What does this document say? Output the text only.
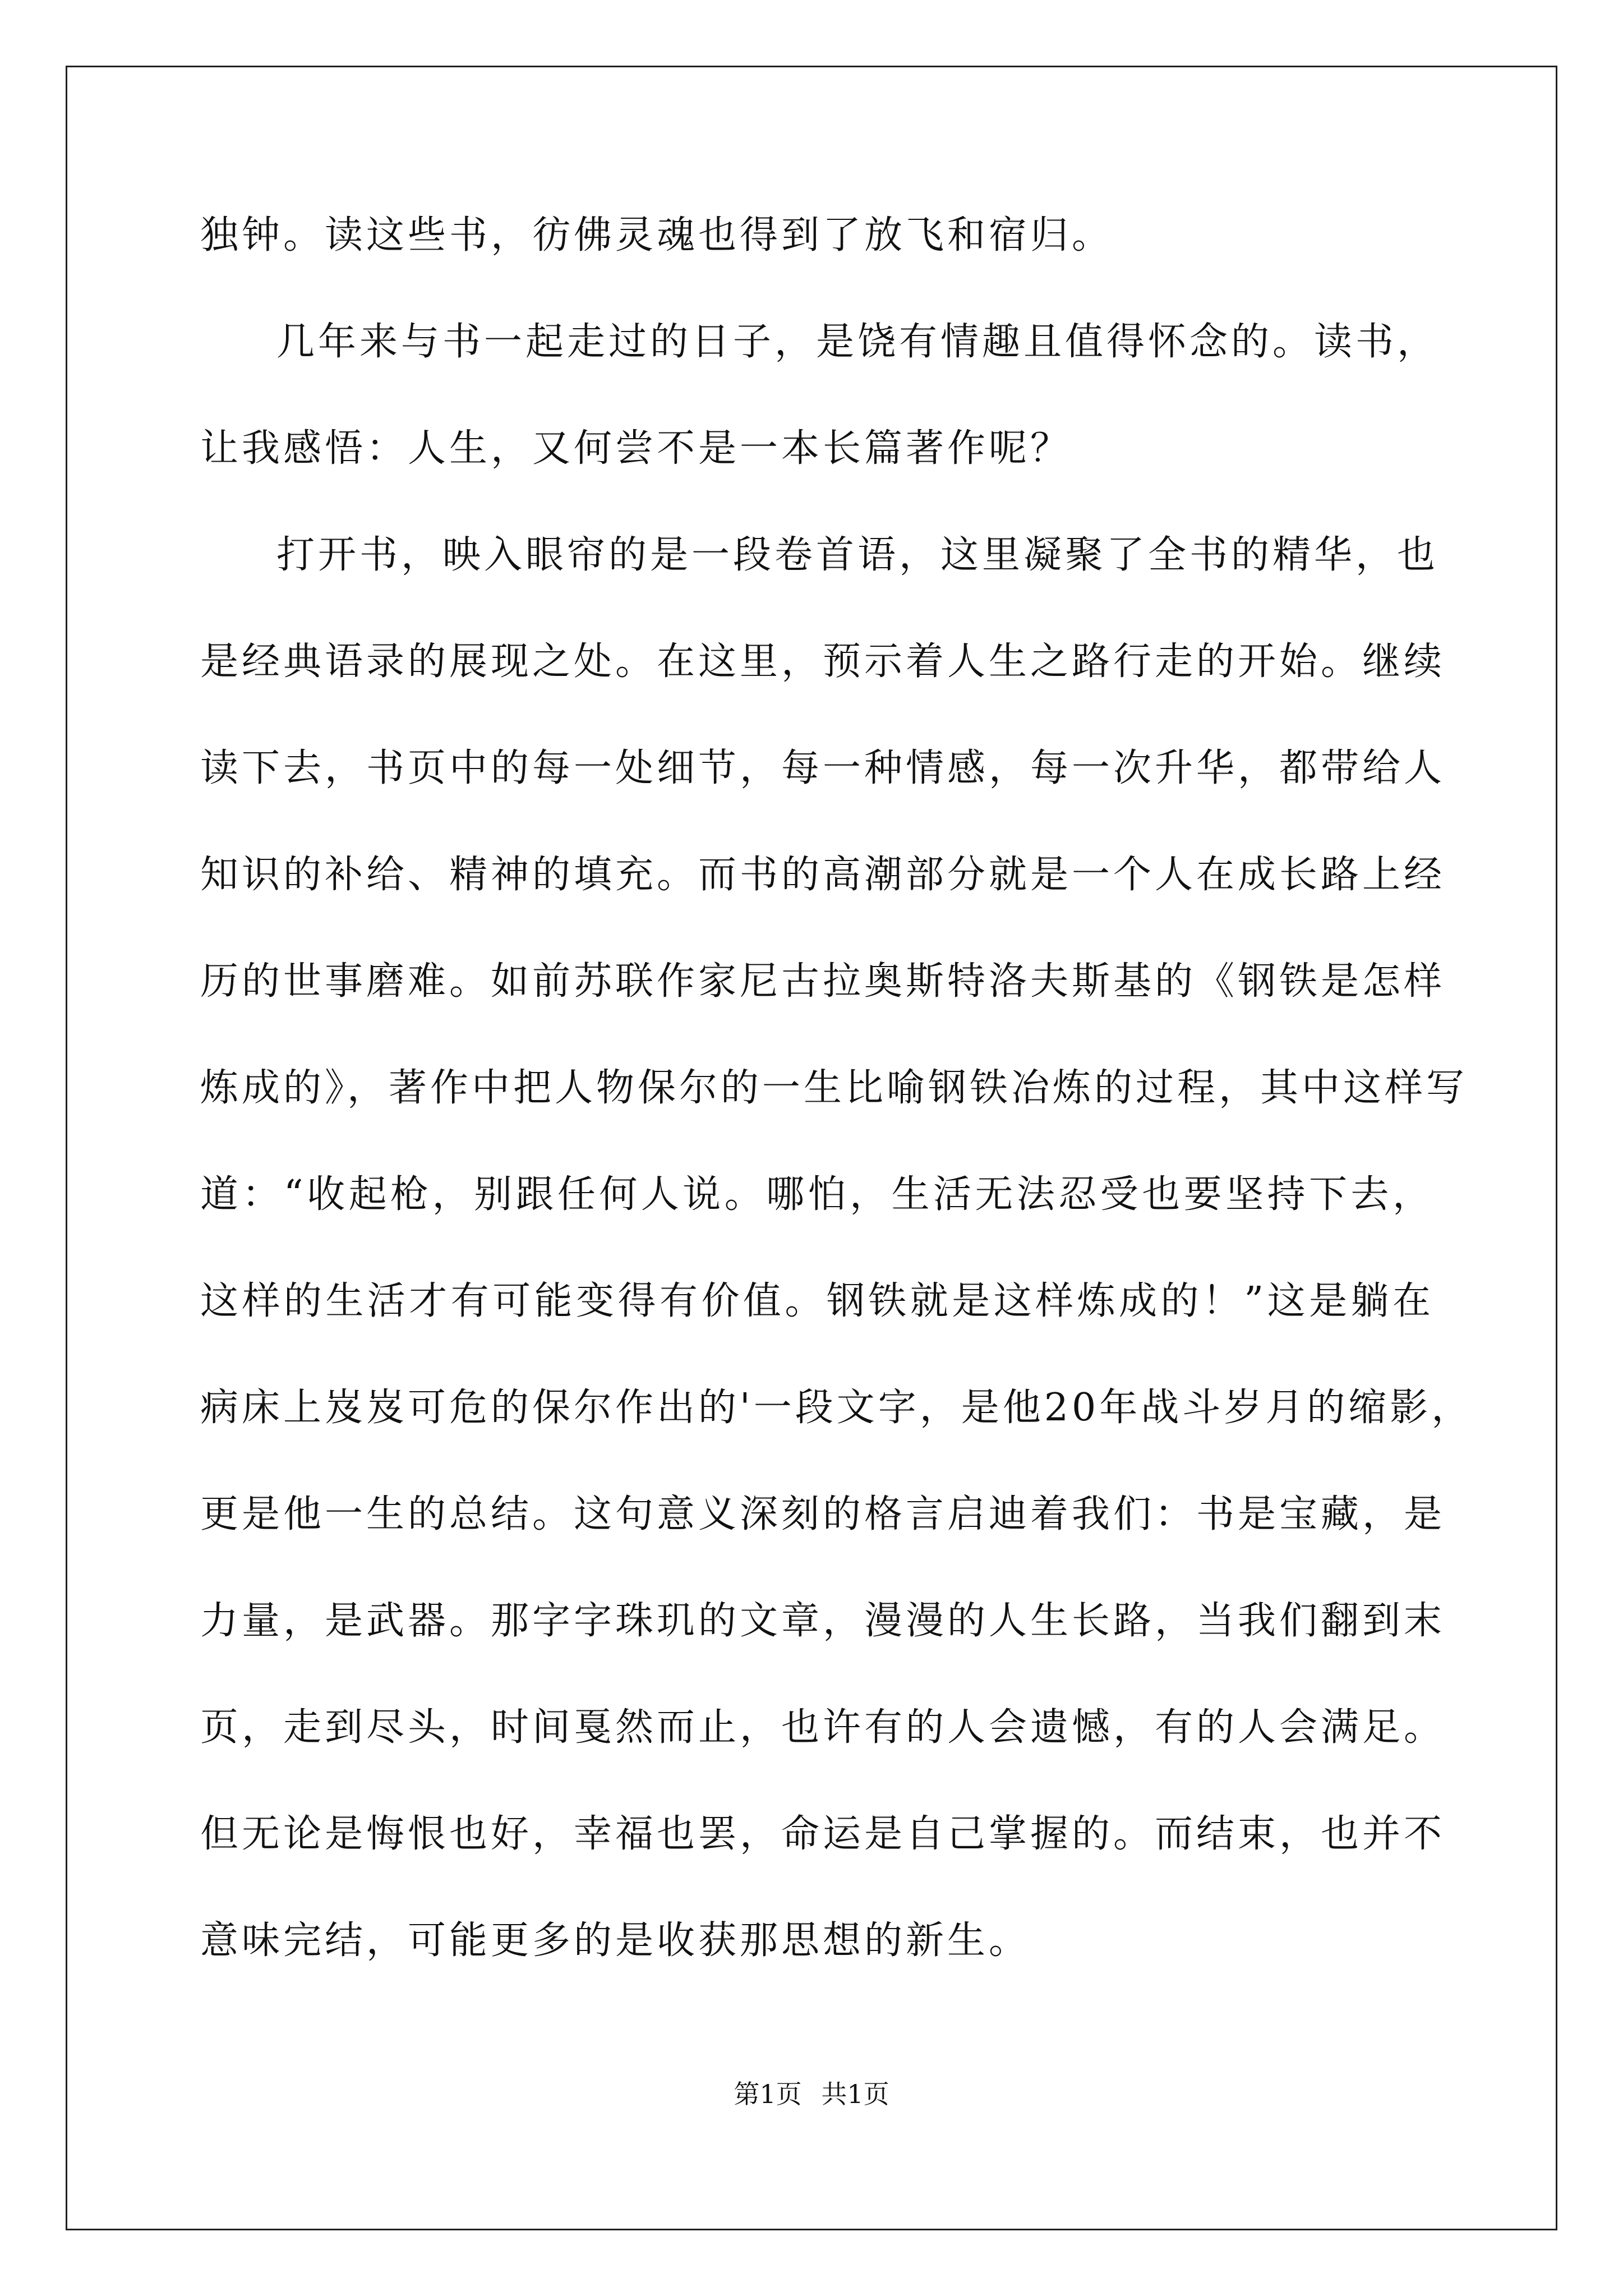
独钟。读这些书，彷佛灵魂也得到了放飞和宿归。

几年来与书一起走过的日子，是饶有情趣且值得怀念的。读书，

让我感悟：人生，又何尝不是一本长篇著作呢？

打开书，映入眼帘的是一段卷首语，这里凝聚了全书的精华，也

是经典语录的展现之处。在这里，预示着人生之路行走的开始。继续

读下去，书页中的每一处细节，每一种情感，每一次升华，都带给人

知识的补给、精神的填充。而书的高潮部分就是一个人在成长路上经

历的世事磨难。如前苏联作家尼古拉奥斯特洛夫斯基的《钢铁是怎样

炼成的》，著作中把人物保尔的一生比喻钢铁冶炼的过程，其中这样写

道：“收起枪，别跟任何人说。哪怕，生活无法忍受也要坚持下去，

这样的生活才有可能变得有价值。钢铁就是这样炼成的！”这是躺在

病床上岌岌可危的保尔作出的'一段文字，是他20年战斗岁月的缩影，

更是他一生的总结。这句意义深刻的格言启迪着我们：书是宝藏，是

力量，是武器。那字字珠玑的文章，漫漫的人生长路，当我们翻到末

页，走到尽头，时间戛然而止，也许有的人会遗憾，有的人会满足。

但无论是悔恨也好，幸福也罢，命运是自己掌握的。而结束，也并不

意味完结，可能更多的是收获那思想的新生。

第1页 共1页
